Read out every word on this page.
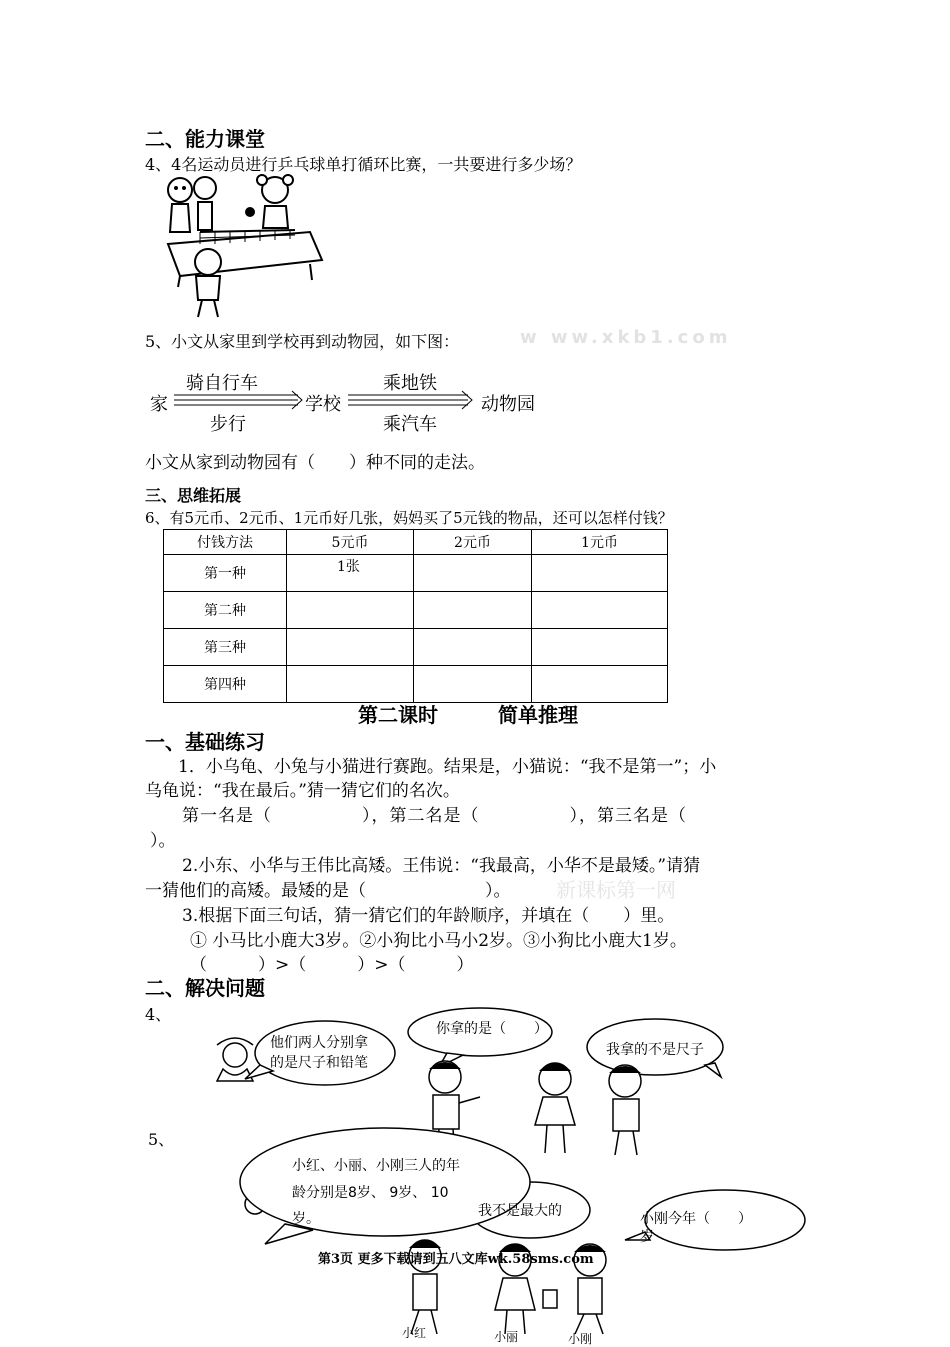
二、能力课堂
4、4名运动员进行乒乓球单打循环比赛，一共要进行多少场？
5、小文从家里到学校再到动物园，如下图：	w ww.xkb1.com
家
骑自行车
步行
学校
乘地铁
乘汽车
动物园
小文从家到动物园有（　　）种不同的走法。
三、思维拓展
6、有5元币、2元币、1元币好几张，妈妈买了5元钱的物品，还可以怎样付钱？
付钱方法	5元币	2元币	1元币
第一种	1张		
第二种			
第三种			
第四种			
第二课时　　　简单推理
一、基础练习
1．小乌龟、小兔与小猫进行赛跑。结果是，小猫说：“我不是第一”；小
乌龟说：“我在最后。”猜一猜它们的名次。
第一名是（　　　　　），第二名是（　　　　　），第三名是（
）。
2.小东、小华与王伟比高矮。王伟说：“我最高，小华不是最矮。”请猜
一猜他们的高矮。最矮的是（　　　　　　　）。 新课标第一网
3.根据下面三句话，猜一猜它们的年龄顺序，并填在（　　）里。
① 小马比小鹿大3岁。②小狗比小马小2岁。③小狗比小鹿大1岁。
（　　　）>（　　　）>（　　　）
二、解决问题
4、
他们两人分别拿
的是尺子和铅笔
你拿的是（　　）
我拿的不是尺子
5、
小红、小丽、小刚三人的年
龄分别是8岁、 9岁、 10
岁。	我不是最大的	小刚今年（　　）
岁
第3页 更多下载请到五八文库wk.58sms.com
小红	小丽	小刚
